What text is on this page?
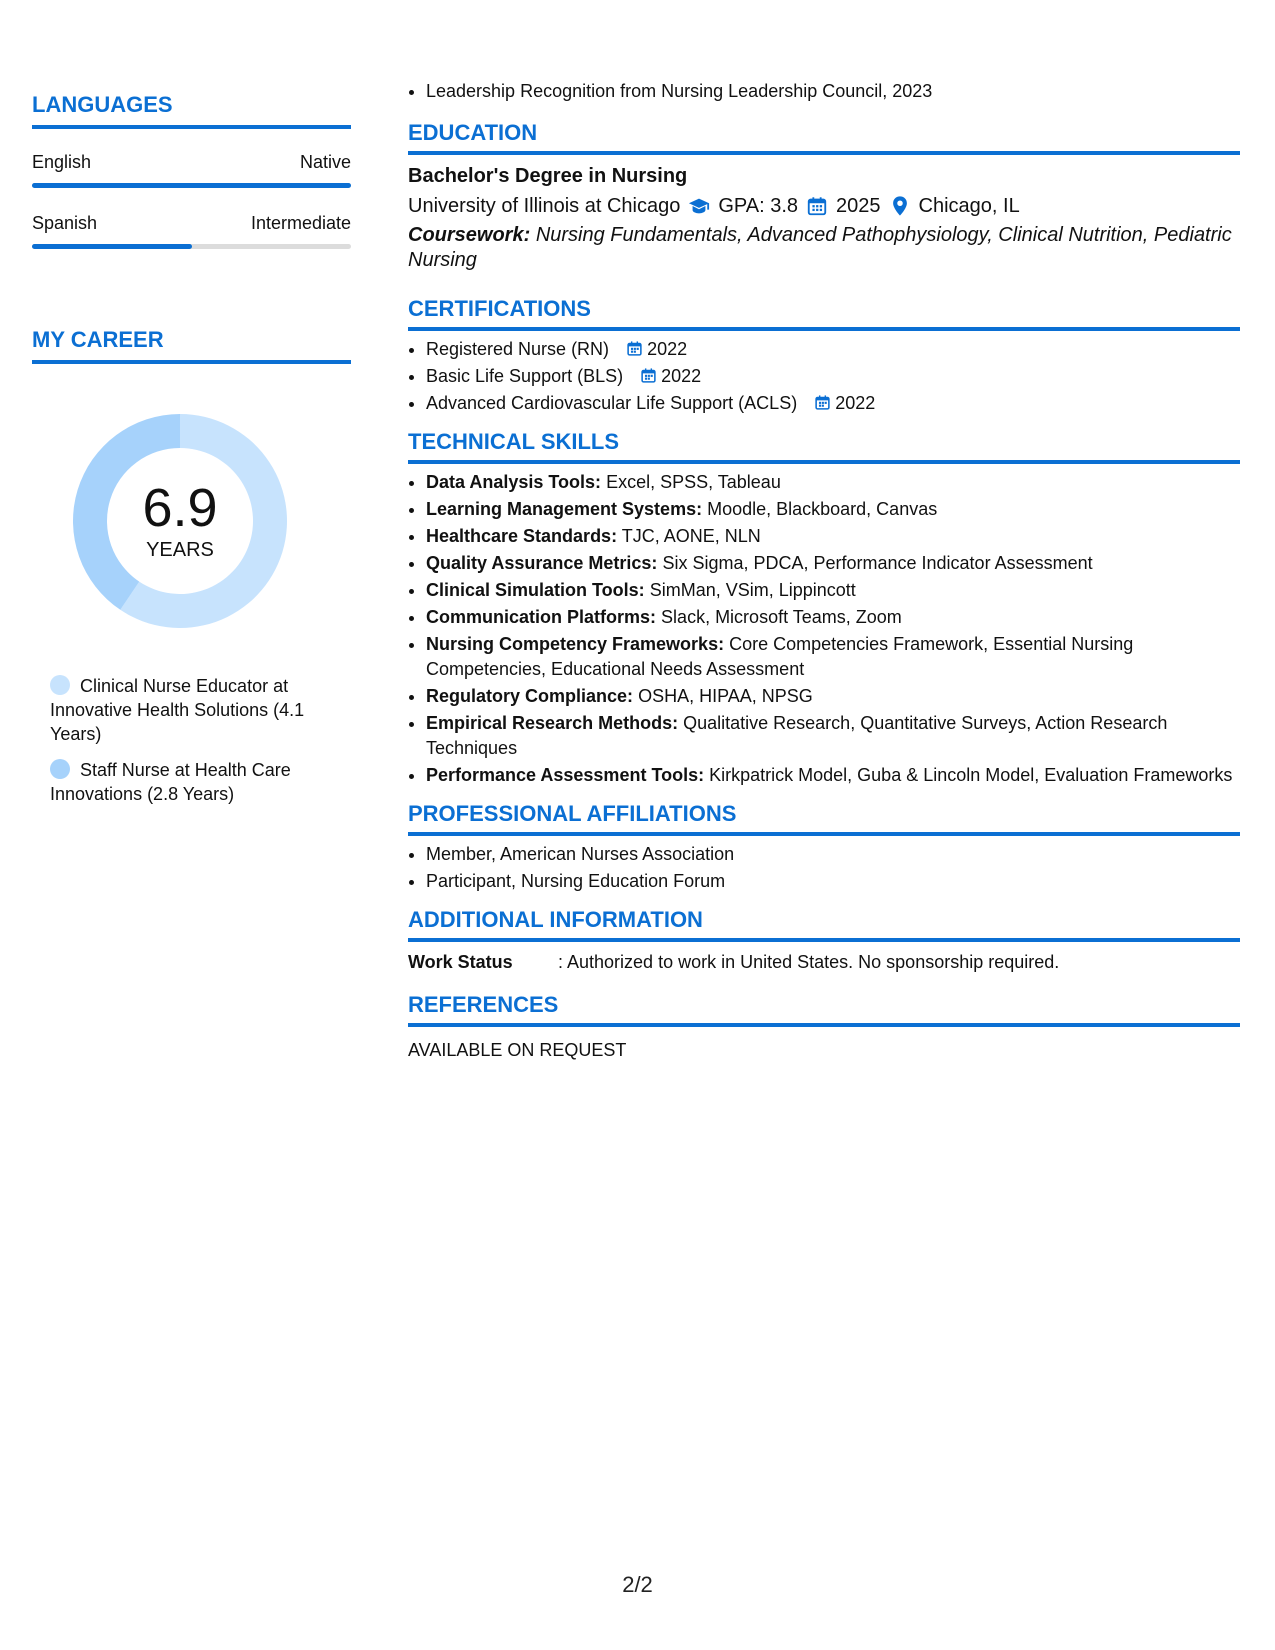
LANGUAGES
English	Native
Spanish	Intermediate
MY CAREER
6.9
YEARS
Clinical Nurse Educator at Innovative Health Solutions (4.1 Years)
Staff Nurse at Health Care Innovations (2.8 Years)
• Leadership Recognition from Nursing Leadership Council, 2023
EDUCATION
Bachelor's Degree in Nursing
University of Illinois at Chicago GPA: 3.8 2025 Chicago, IL
Coursework: Nursing Fundamentals, Advanced Pathophysiology, Clinical Nutrition, Pediatric Nursing
CERTIFICATIONS
• Registered Nurse (RN) 2022
• Basic Life Support (BLS) 2022
• Advanced Cardiovascular Life Support (ACLS) 2022
TECHNICAL SKILLS
• Data Analysis Tools: Excel, SPSS, Tableau
• Learning Management Systems: Moodle, Blackboard, Canvas
• Healthcare Standards: TJC, AONE, NLN
• Quality Assurance Metrics: Six Sigma, PDCA, Performance Indicator Assessment
• Clinical Simulation Tools: SimMan, VSim, Lippincott
• Communication Platforms: Slack, Microsoft Teams, Zoom
• Nursing Competency Frameworks: Core Competencies Framework, Essential Nursing Competencies, Educational Needs Assessment
• Regulatory Compliance: OSHA, HIPAA, NPSG
• Empirical Research Methods: Qualitative Research, Quantitative Surveys, Action Research Techniques
• Performance Assessment Tools: Kirkpatrick Model, Guba & Lincoln Model, Evaluation Frameworks
PROFESSIONAL AFFILIATIONS
• Member, American Nurses Association
• Participant, Nursing Education Forum
ADDITIONAL INFORMATION
Work Status	: Authorized to work in United States. No sponsorship required.
REFERENCES
AVAILABLE ON REQUEST
2/2
